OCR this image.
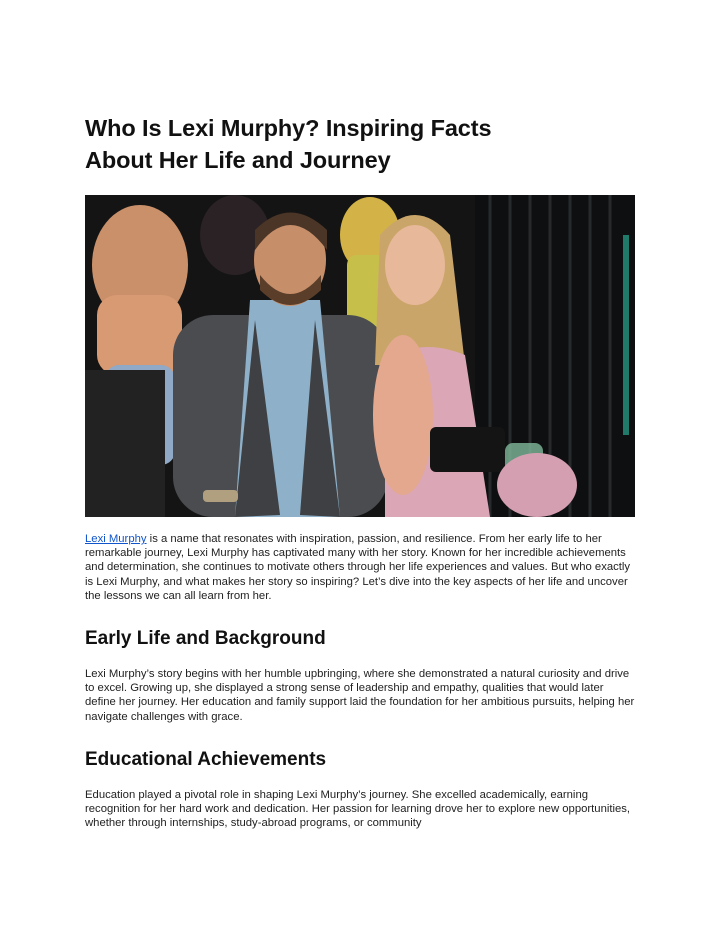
Who Is Lexi Murphy? Inspiring Facts
About Her Life and Journey

Lexi Murphy is a name that resonates with inspiration, passion, and resilience. From her early life to her remarkable journey, Lexi Murphy has captivated many with her story. Known for her incredible achievements and determination, she continues to motivate others through her life experiences and values. But who exactly is Lexi Murphy, and what makes her story so inspiring? Let’s dive into the key aspects of her life and uncover the lessons we can all learn from her.

Early Life and Background

Lexi Murphy’s story begins with her humble upbringing, where she demonstrated a natural curiosity and drive to excel. Growing up, she displayed a strong sense of leadership and empathy, qualities that would later define her journey. Her education and family support laid the foundation for her ambitious pursuits, helping her navigate challenges with grace.

Educational Achievements

Education played a pivotal role in shaping Lexi Murphy’s journey. She excelled academically, earning recognition for her hard work and dedication. Her passion for learning drove her to explore new opportunities, whether through internships, study-abroad programs, or community
